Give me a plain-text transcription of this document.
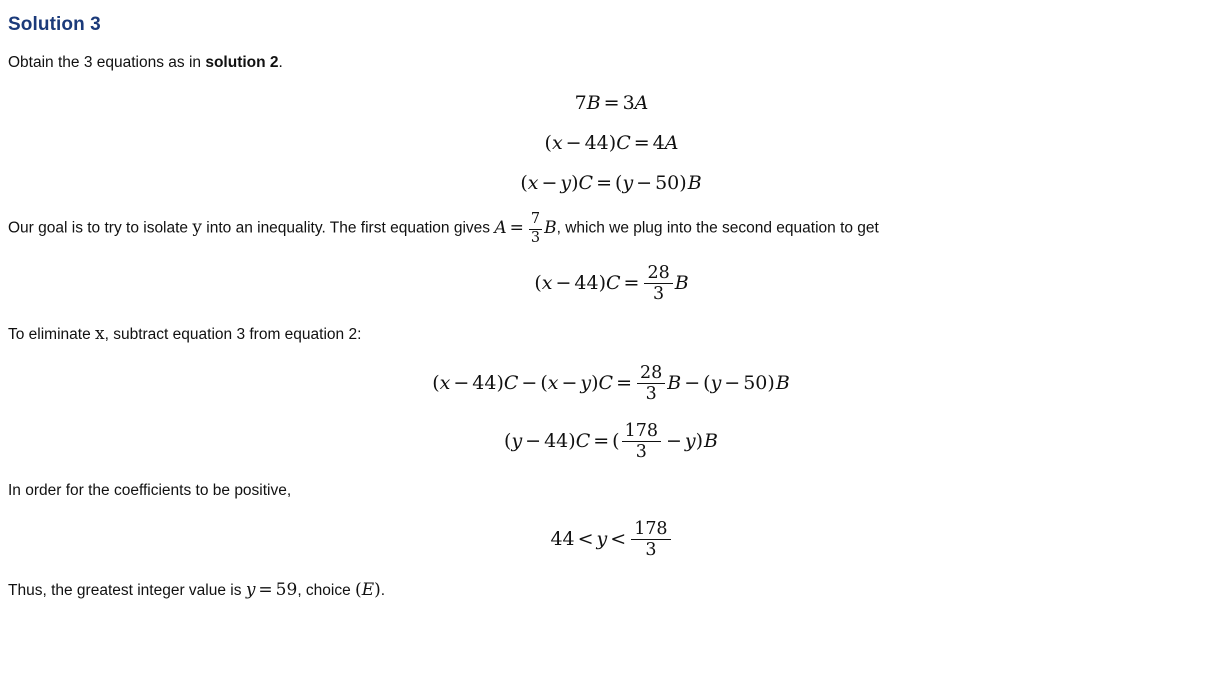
Solution 3

Obtain the 3 equations as in solution 2.

7B = 3A
(x − 44)C = 4A
(x − y)C = (y − 50)B

Our goal is to try to isolate y into an inequality. The first equation gives $A = \frac{7}{3} B$, which we plug into the second equation to get

$(x - 44)C = \frac{28}{3}$ B

To eliminate x, subtract equation 3 from equation 2:

$(x - 44)C - (x - y)C = \frac{28}{3}$ B − (y − 50)B
(y − 44)C = ( $\frac{178}{3} - y)B$

In order for the coefficients to be positive,

$44 < y < \frac{178}{3}$

Thus, the greatest integer value is y = 59, choice (E).
